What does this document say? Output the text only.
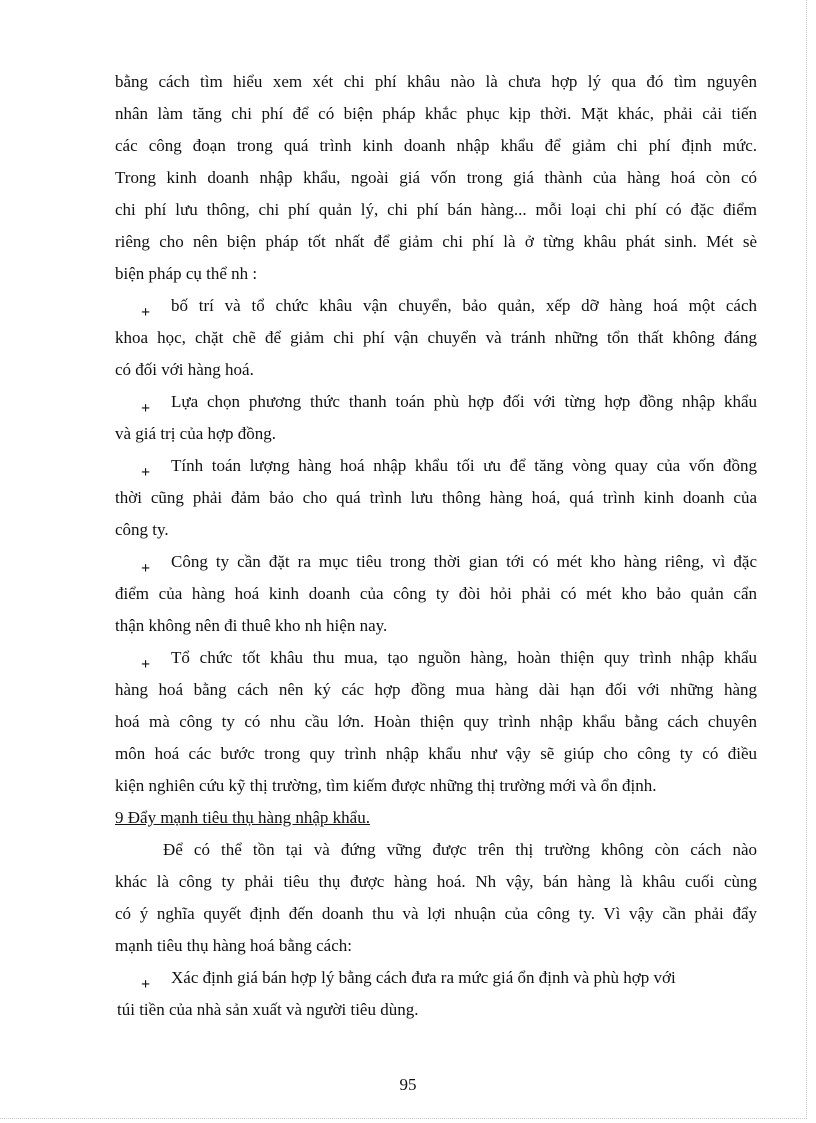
bằng cách tìm hiểu xem xét chi phí khâu nào là chưa hợp lý qua đó tìm nguyên
nhân làm tăng chi phí để có biện pháp khắc phục kịp thời. Mặt khác, phải cải tiến
các công đoạn trong quá trình kinh doanh nhập khẩu để giảm chi phí định mức.
Trong kinh doanh nhập khẩu, ngoài giá vốn trong giá thành của hàng hoá còn có
chi phí lưu thông, chi phí quản lý, chi phí bán hàng... mỗi loại chi phí có đặc điểm
riêng cho nên biện pháp tốt nhất để giảm chi phí là ở từng khâu phát sinh. Mét sè
biện pháp cụ thể nh :
+ bố trí và tổ chức khâu vận chuyển, bảo quản, xếp dỡ hàng hoá một cách
khoa học, chặt chẽ để giảm chi phí vận chuyển và tránh những tổn thất không đáng
có đối với hàng hoá.
+ Lựa chọn phương thức thanh toán phù hợp đối với từng hợp đồng nhập khẩu
và giá trị của hợp đồng.
+ Tính toán lượng hàng hoá nhập khẩu tối ưu để tăng vòng quay của vốn đồng
thời cũng phải đảm bảo cho quá trình lưu thông hàng hoá, quá trình kinh doanh của
công ty.
+ Công ty cần đặt ra mục tiêu trong thời gian tới có mét kho hàng riêng, vì đặc
điểm của hàng hoá kinh doanh của công ty đòi hỏi phải có mét kho bảo quản cẩn
thận không nên đi thuê kho nh hiện nay.
+ Tổ chức tốt khâu thu mua, tạo nguồn hàng, hoàn thiện quy trình nhập khẩu
hàng hoá bằng cách nên ký các hợp đồng mua hàng dài hạn đối với những hàng
hoá mà công ty có nhu cầu lớn. Hoàn thiện quy trình nhập khẩu bằng cách chuyên
môn hoá các bước trong quy trình nhập khẩu như vậy sẽ giúp cho công ty có điều
kiện nghiên cứu kỹ thị trường, tìm kiếm được những thị trường mới và ổn định.
9 Đẩy mạnh tiêu thụ hàng nhập khẩu.
Để có thể tồn tại và đứng vững được trên thị trường không còn cách nào
khác là công ty phải tiêu thụ được hàng hoá. Nh vậy, bán hàng là khâu cuối cùng
có ý nghĩa quyết định đến doanh thu và lợi nhuận của công ty. Vì vậy cần phải đẩy
mạnh tiêu thụ hàng hoá bằng cách:
+ Xác định giá bán hợp lý bằng cách đưa ra mức giá ổn định và phù hợp với
túi tiền của nhà sản xuất và người tiêu dùng.
95
